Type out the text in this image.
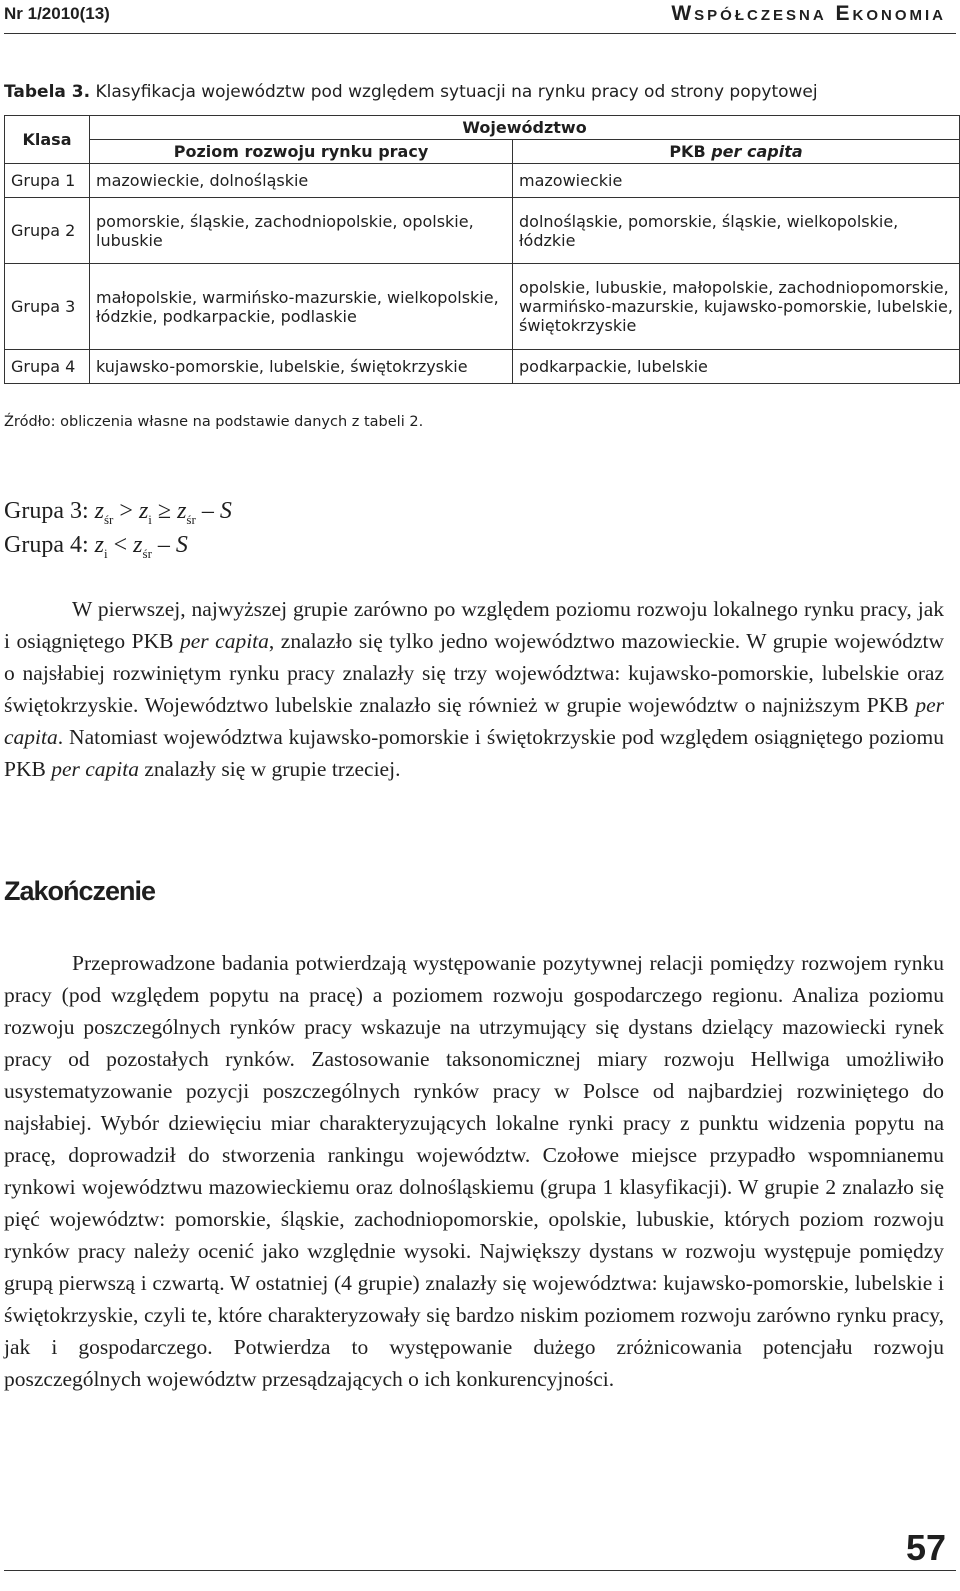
Nr 1/2010(13)	Współczesna Ekonomia
Tabela 3. Klasyfikacja województw pod względem sytuacji na rynku pracy od strony popytowej
Klasa	Województwo	
	Poziom rozwoju rynku pracy	PKB per capita
Grupa 1	mazowieckie, dolnośląskie	mazowieckie
Grupa 2	pomorskie, śląskie, zachodniopolskie, opolskie, lubuskie	dolnośląskie, pomorskie, śląskie, wielkopolskie, łódzkie
Grupa 3	małopolskie, warmińsko-mazurskie, wielkopolskie, łódzkie, podkarpackie, podlaskie	opolskie, lubuskie, małopolskie, zachodniopomorskie, warmińsko-mazurskie, kujawsko-pomorskie, lubelskie, świętokrzyskie
Grupa 4	kujawsko-pomorskie, lubelskie, świętokrzyskie	podkarpackie, lubelskie
Źródło: obliczenia własne na podstawie danych z tabeli 2.
Grupa 3: $z_{śr} > z_i \ge z_{śr} - S$
Grupa 4: $z_i < z_{śr} - S$

W pierwszej, najwyższej grupie zarówno po względem poziomu rozwoju lokalnego rynku pracy, jak i osiągniętego PKB per capita, znalazło się tylko jedno województwo mazowieckie. W grupie województw o najsłabiej rozwiniętym rynku pracy znalazły się trzy województwa: kujawsko-pomorskie, lubelskie oraz świętokrzyskie. Województwo lubelskie znalazło się również w grupie województw o najniższym PKB per capita. Natomiast województwa kujawsko-pomorskie i świętokrzyskie pod względem osiągniętego poziomu PKB per capita znalazły się w grupie trzeciej.

Zakończenie

Przeprowadzone badania potwierdzają występowanie pozytywnej relacji pomiędzy rozwojem rynku pracy (pod względem popytu na pracę) a poziomem rozwoju gospodarczego regionu. Analiza poziomu rozwoju poszczególnych rynków pracy wskazuje na utrzymujący się dystans dzielący mazowiecki rynek pracy od pozostałych rynków. Zastosowanie taksonomicznej miary rozwoju Hellwiga umożliwiło usystematyzowanie pozycji poszczególnych rynków pracy w Polsce od najbardziej rozwiniętego do najsłabiej. Wybór dziewięciu miar charakteryzujących lokalne rynki pracy z punktu widzenia popytu na pracę, doprowadził do stworzenia rankingu województw. Czołowe miejsce przypadło wspomnianemu rynkowi województwu mazowieckiemu oraz dolnośląskiemu (grupa 1 klasyfikacji). W grupie 2 znalazło się pięć województw: pomorskie, śląskie, zachodniopomorskie, opolskie, lubuskie, których poziom rozwoju rynków pracy należy ocenić jako względnie wysoki. Największy dystans w rozwoju występuje pomiędzy grupą pierwszą i czwartą. W ostatniej (4 grupie) znalazły się województwa: kujawsko-pomorskie, lubelskie i świętokrzyskie, czyli te, które charakteryzowały się bardzo niskim poziomem rozwoju zarówno rynku pracy, jak i gospodarczego. Potwierdza to występowanie dużego zróżnicowania potencjału rozwoju poszczególnych województw przesądzających o ich konkurencyjności.

57
